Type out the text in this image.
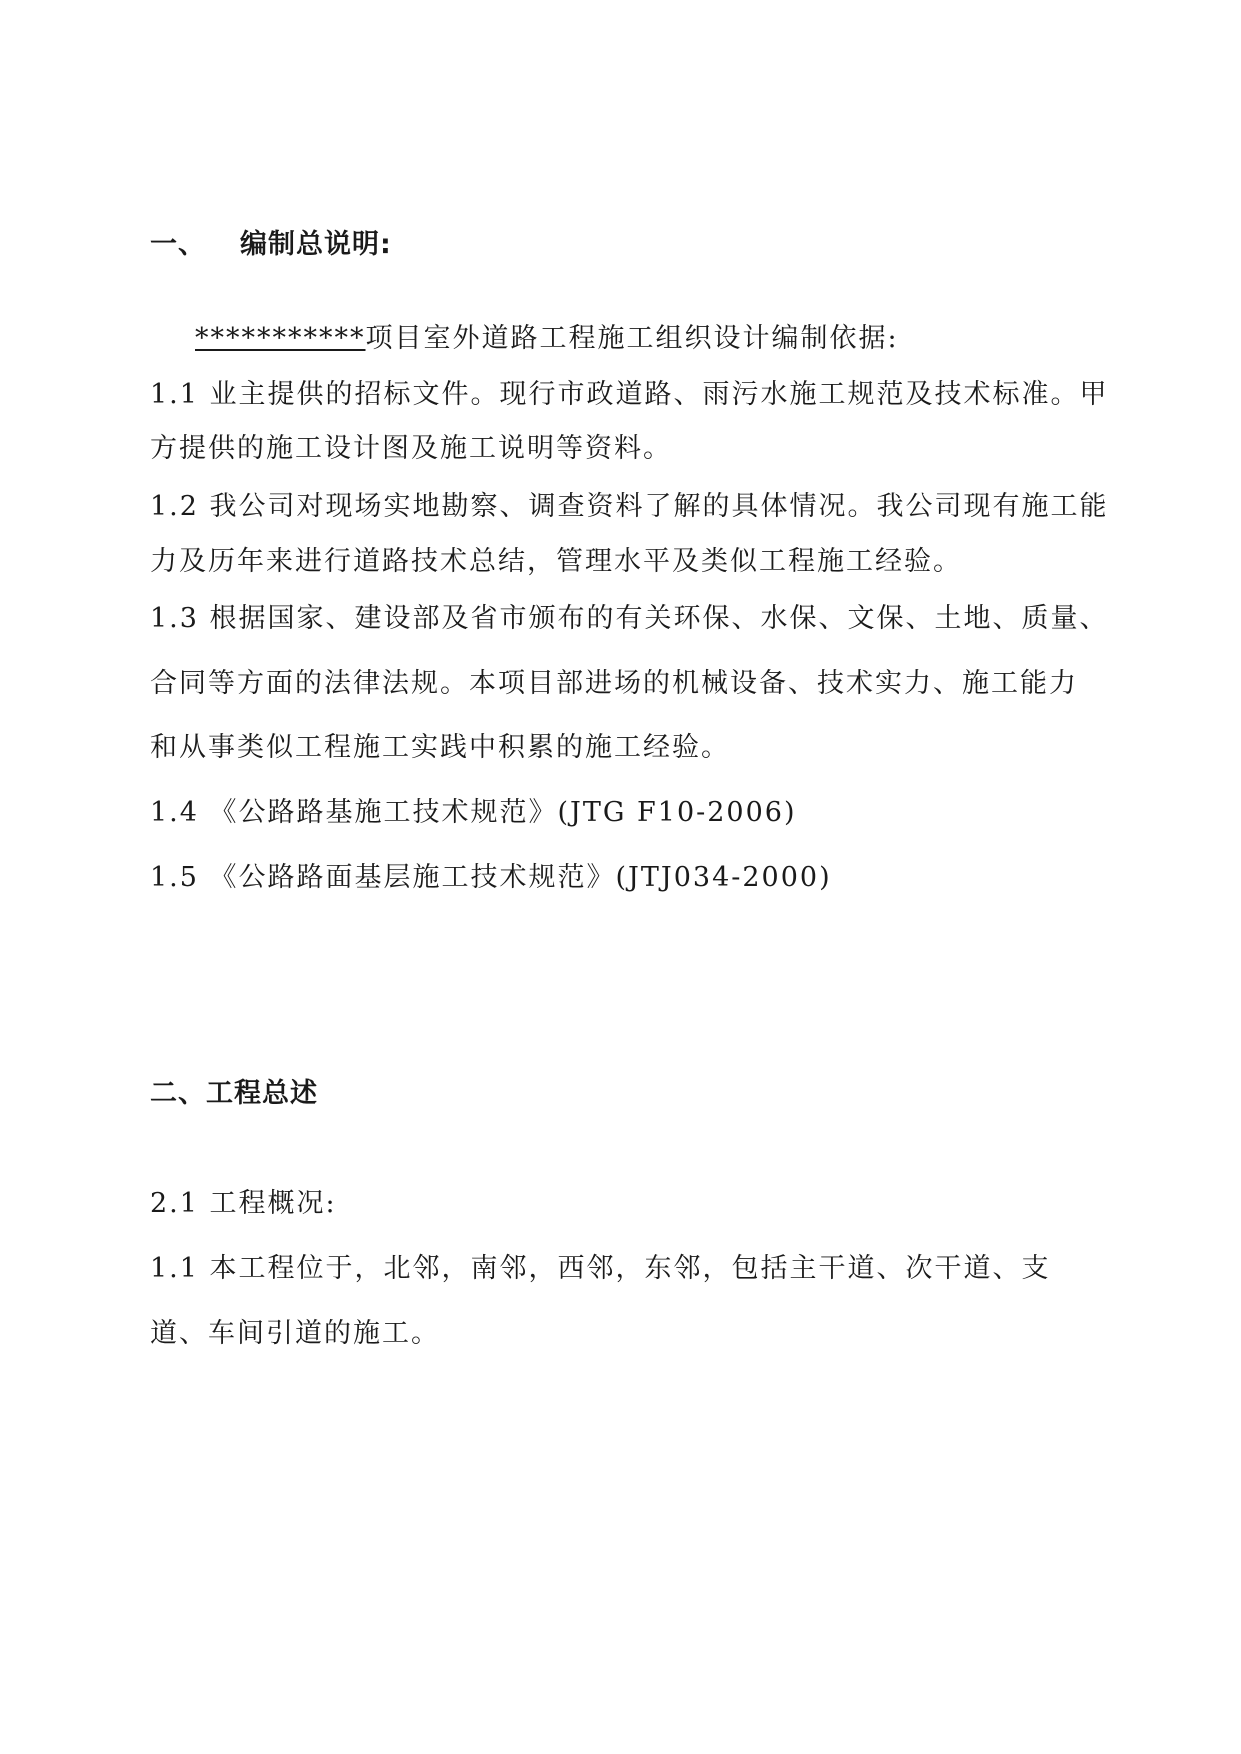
一、 编制总说明:
***********项目室外道路工程施工组织设计编制依据:
1.1 业主提供的招标文件。现行市政道路、雨污水施工规范及技术标准。甲
方提供的施工设计图及施工说明等资料。
1.2 我公司对现场实地勘察、调查资料了解的具体情况。我公司现有施工能
力及历年来进行道路技术总结，管理水平及类似工程施工经验。
1.3 根据国家、建设部及省市颁布的有关环保、水保、文保、土地、质量、
合同等方面的法律法规。本项目部进场的机械设备、技术实力、施工能力
和从事类似工程施工实践中积累的施工经验。
1.4 《公路路基施工技术规范》(JTG F10-2006)
1.5 《公路路面基层施工技术规范》(JTJ034-2000)
二、工程总述
2.1 工程概况:
1.1 本工程位于，北邻，南邻，西邻，东邻，包括主干道、次干道、支
道、车间引道的施工。
